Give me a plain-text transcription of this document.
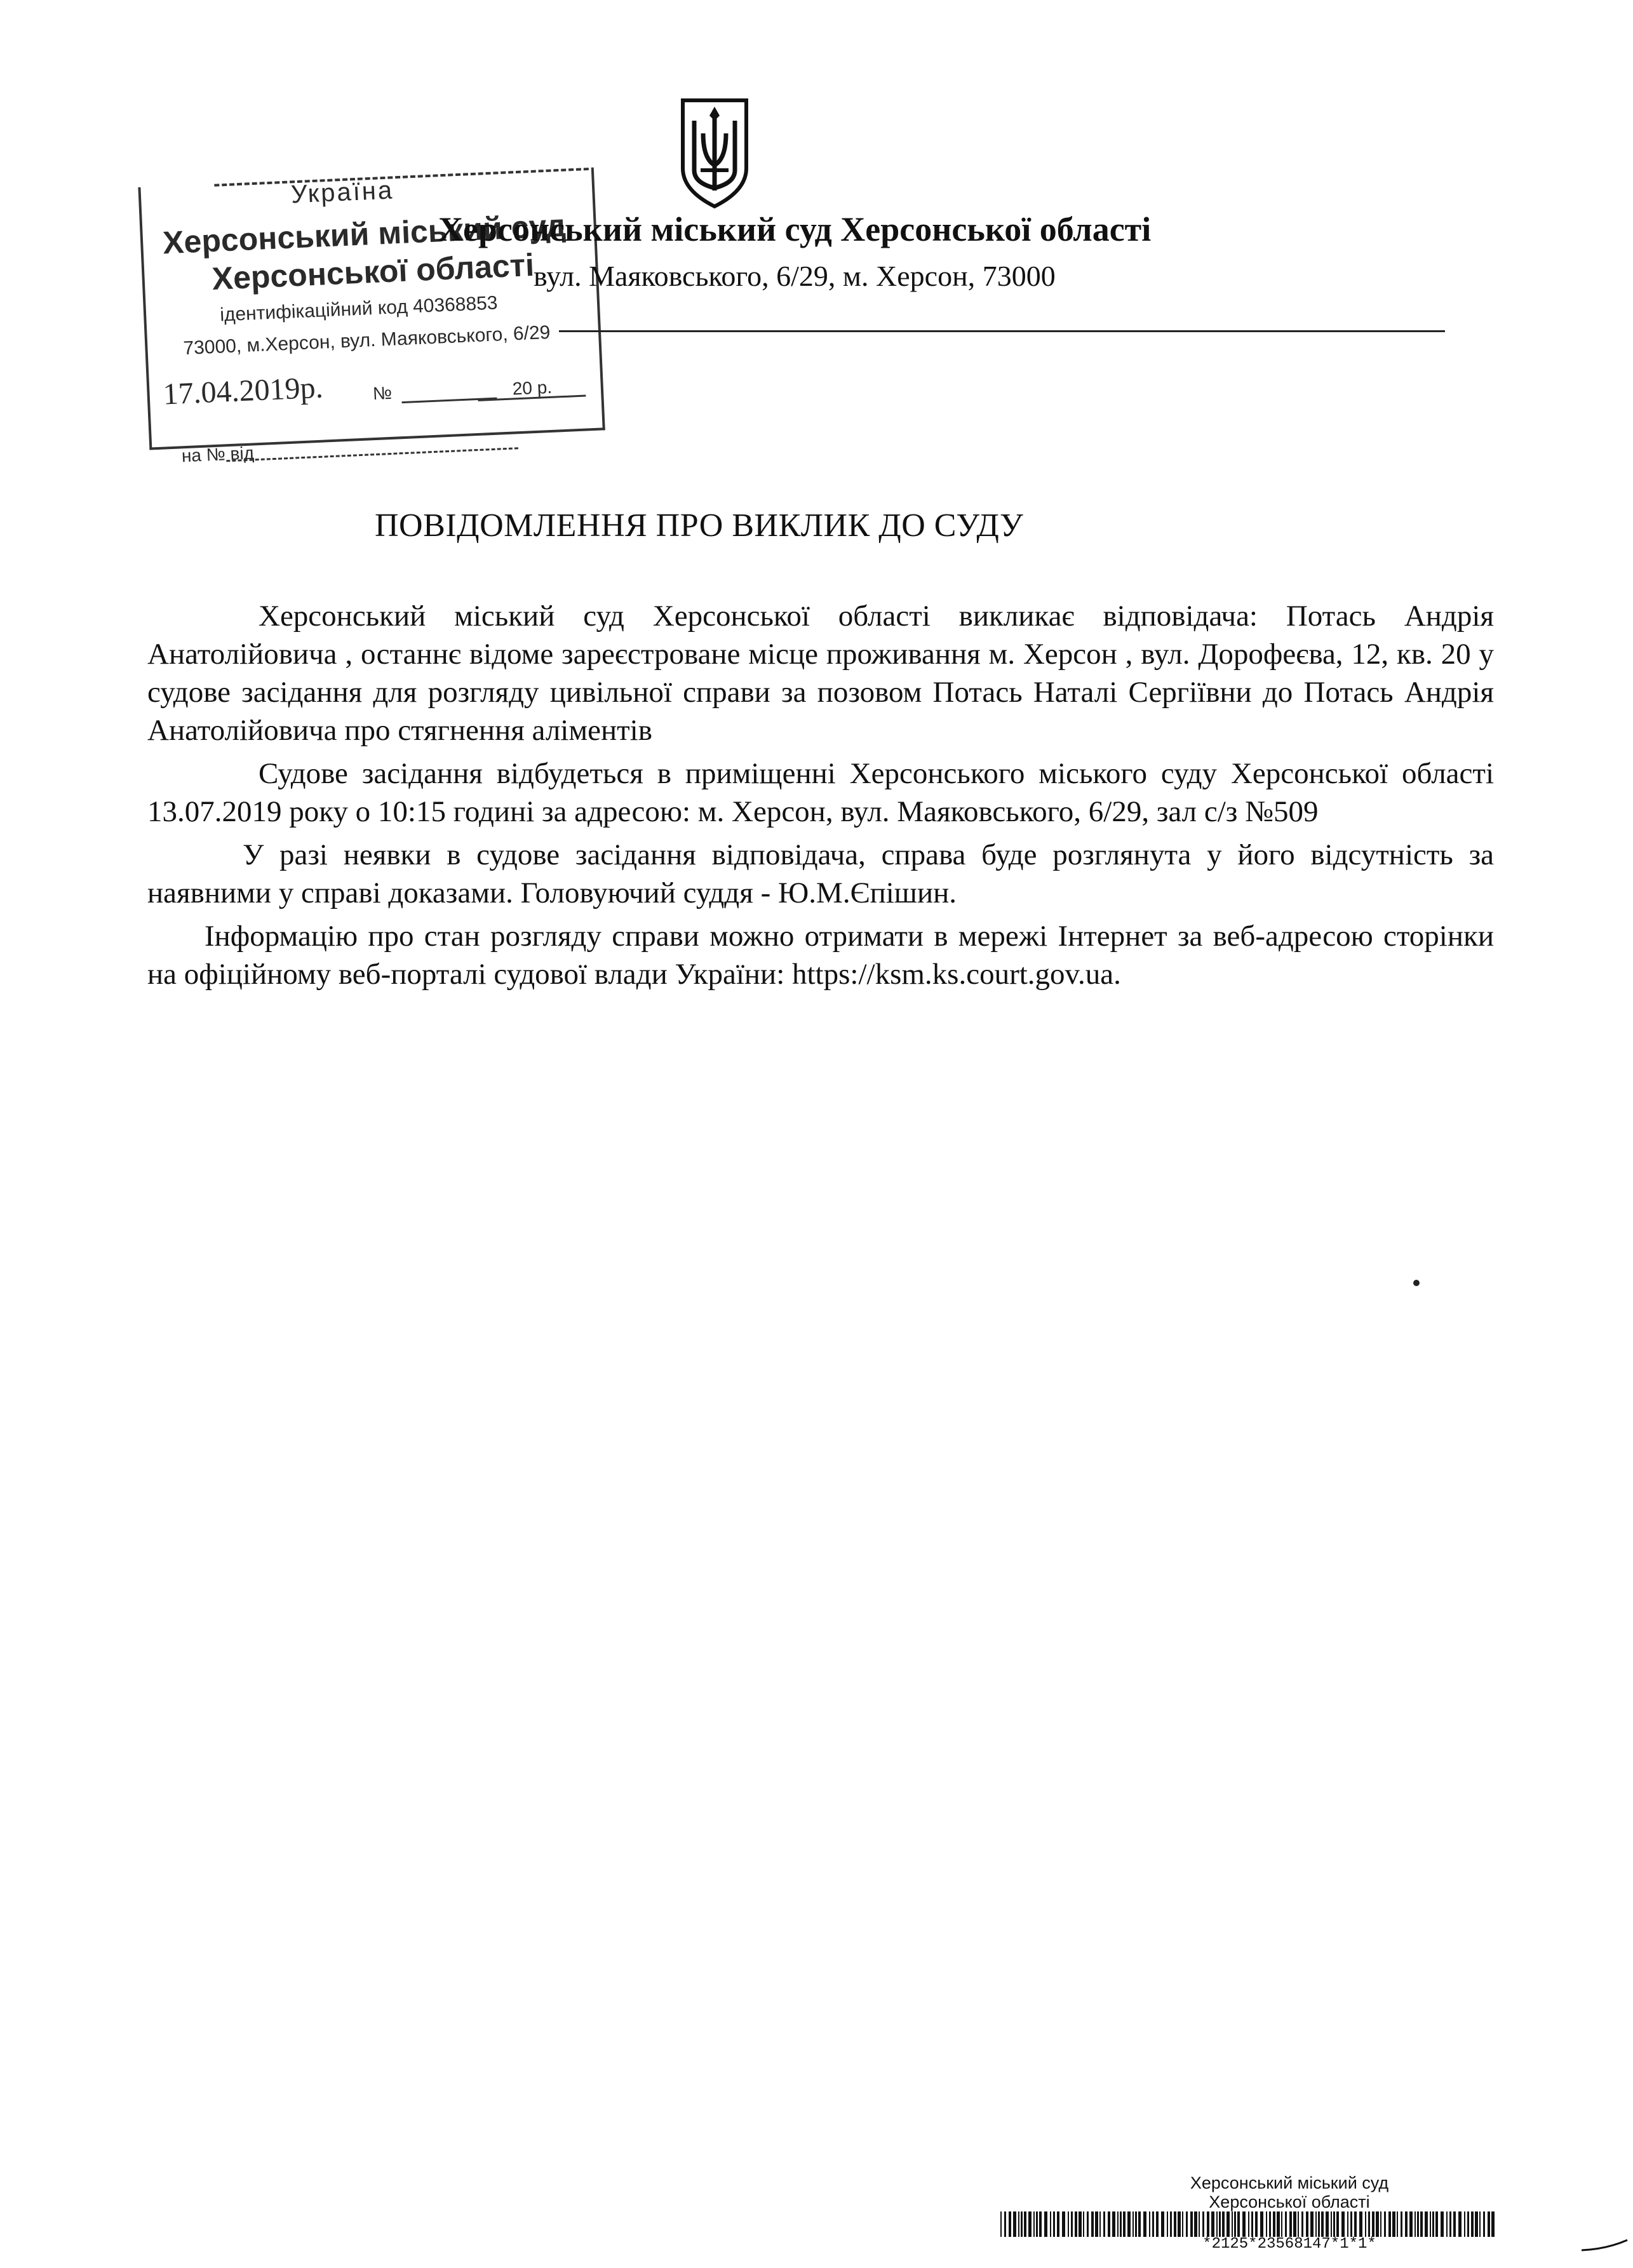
Україна
Херсонський міський суд
Херсонської області
ідентифікаційний код 40368853
73000, м.Херсон, вул. Маяковського, 6/29
17.04.2019р.	№	20 р.
на № від
Херсонський міський суд Херсонської області
вул. Маяковського, 6/29, м. Херсон, 73000
ПОВІДОМЛЕННЯ ПРО ВИКЛИК ДО СУДУ

Херсонський міський суд Херсонської області викликає відповідача: Потась Андрія Анатолійовича , останнє відоме зареєстроване місце проживання м. Херсон , вул. Дорофеєва, 12, кв. 20 у судове засідання для розгляду цивільної справи за позовом Потась Наталі Сергіївни до Потась Андрія Анатолійовича про стягнення аліментів

Судове засідання відбудеться в приміщенні Херсонського міського суду Херсонської області 13.07.2019 року о 10:15 годині за адресою: м. Херсон, вул. Маяковського, 6/29, зал с/з №509

У разі неявки в судове засідання відповідача, справа буде розглянута у його відсутність за наявними у справі доказами. Головуючий суддя - Ю.М.Єпішин.

Інформацію про стан розгляду справи можно отримати в мережі Інтернет за веб-адресою сторінки на офіційному веб-порталі судової влади України: https://ksm.ks.court.gov.ua.

Херсонський міський суд
Херсонської області
*2125*23568147*1*1*
